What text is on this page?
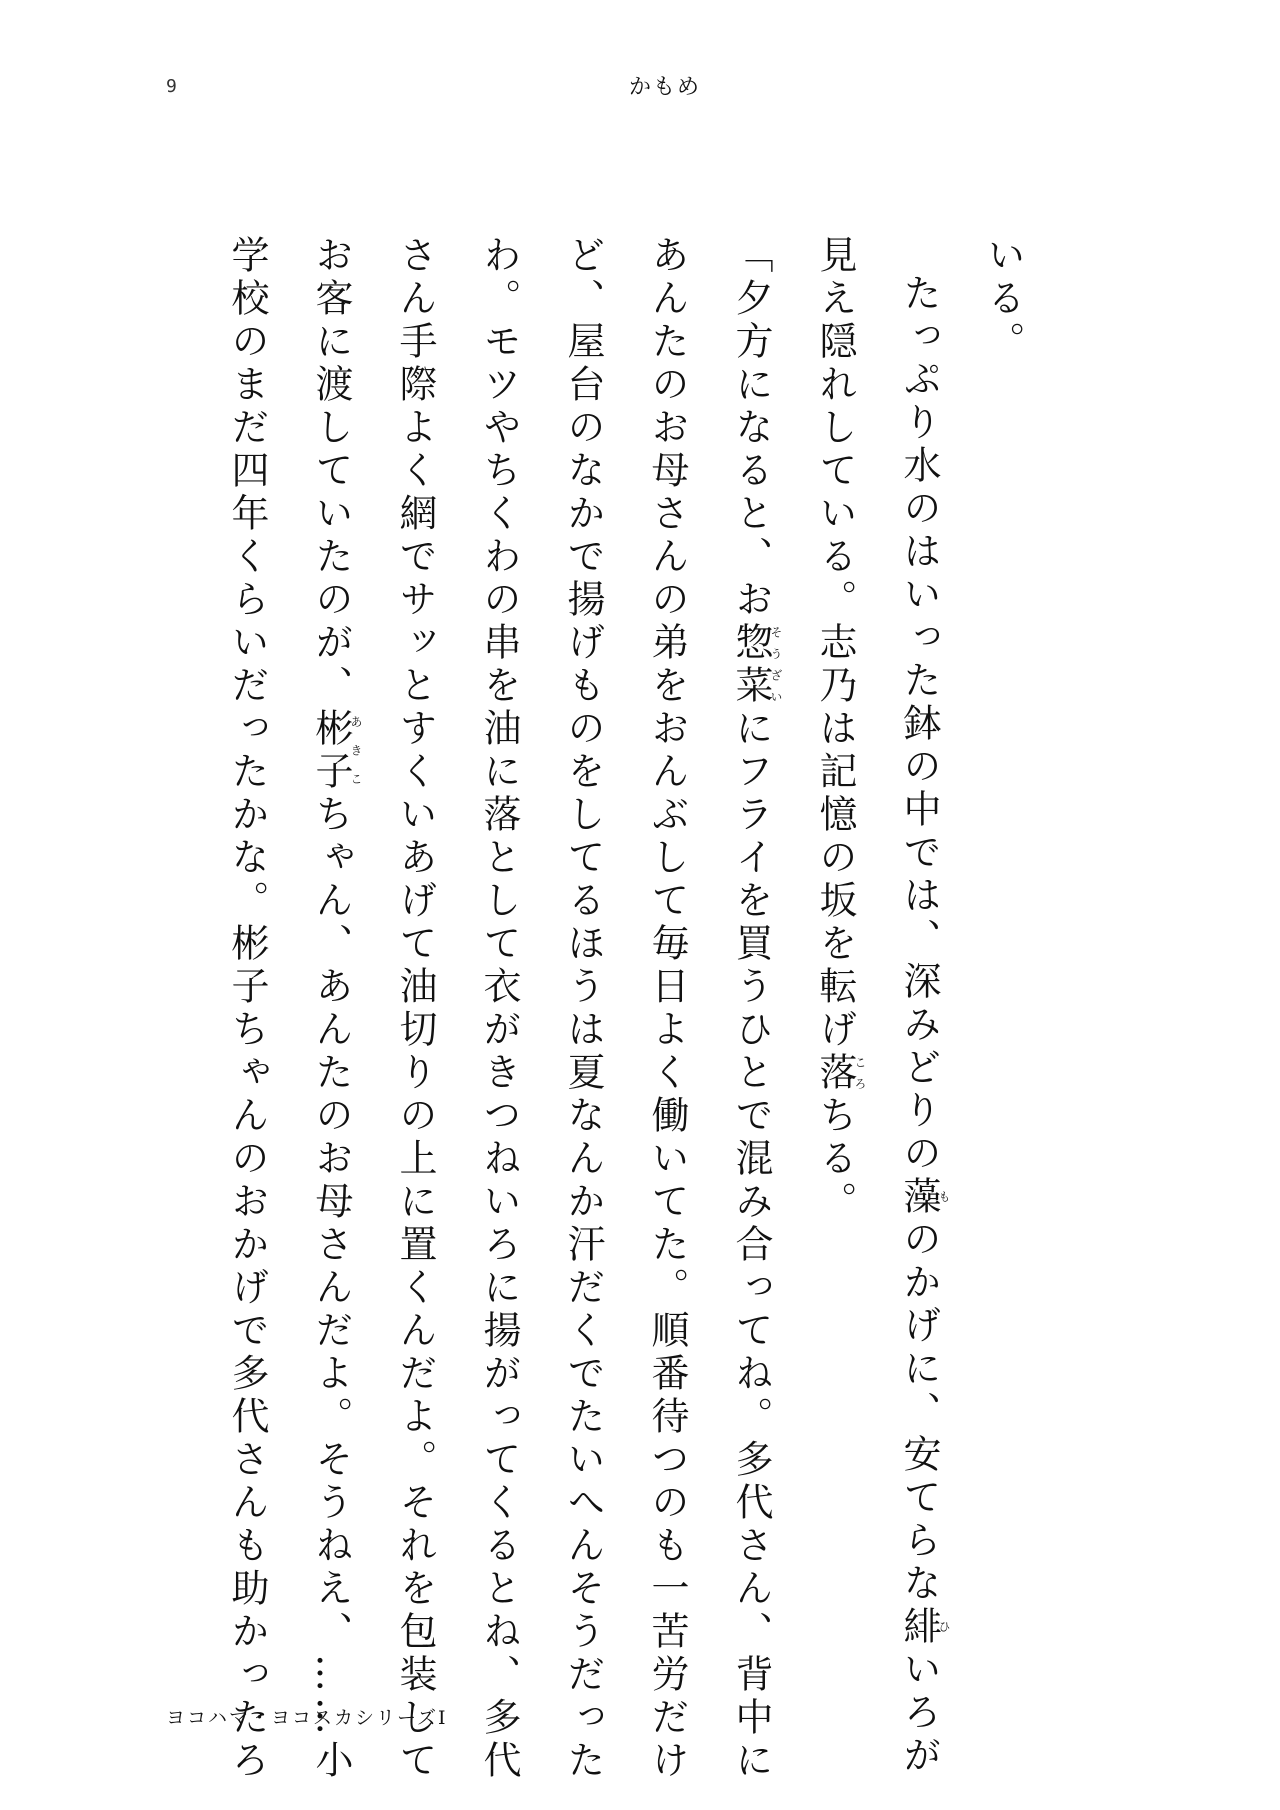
9	かもめ

いる。

たっぷり水のはいった鉢の中では、深みどりの藻ものかげに、安てらな緋ひいろが

見え隠れしている。志乃は記憶の坂を転げ落ころちる。

「夕方になると、お惣菜そうざいにフライを買うひとで混み合ってね。多代さん、背中に

あんたのお母さんの弟をおんぶして毎日よく働いてた。順番待つのも一苦労だけ

ど、屋台のなかで揚げものをしてるほうは夏なんか汗だくでたいへんそうだった

わ。モツやちくわの串を油に落として衣がきつねいろに揚がってくるとね、多代

さん手際よく網でサッとすくいあげて油切りの上に置くんだよ。それを包装して

お客に渡していたのが、彬子あきこちゃん、あんたのお母さんだよ。そうねえ、……小

学校のまだ四年くらいだったかな。彬子ちゃんのおかげで多代さんも助かったろ

ヨコハマ・ヨコスカシリーズⅠ
